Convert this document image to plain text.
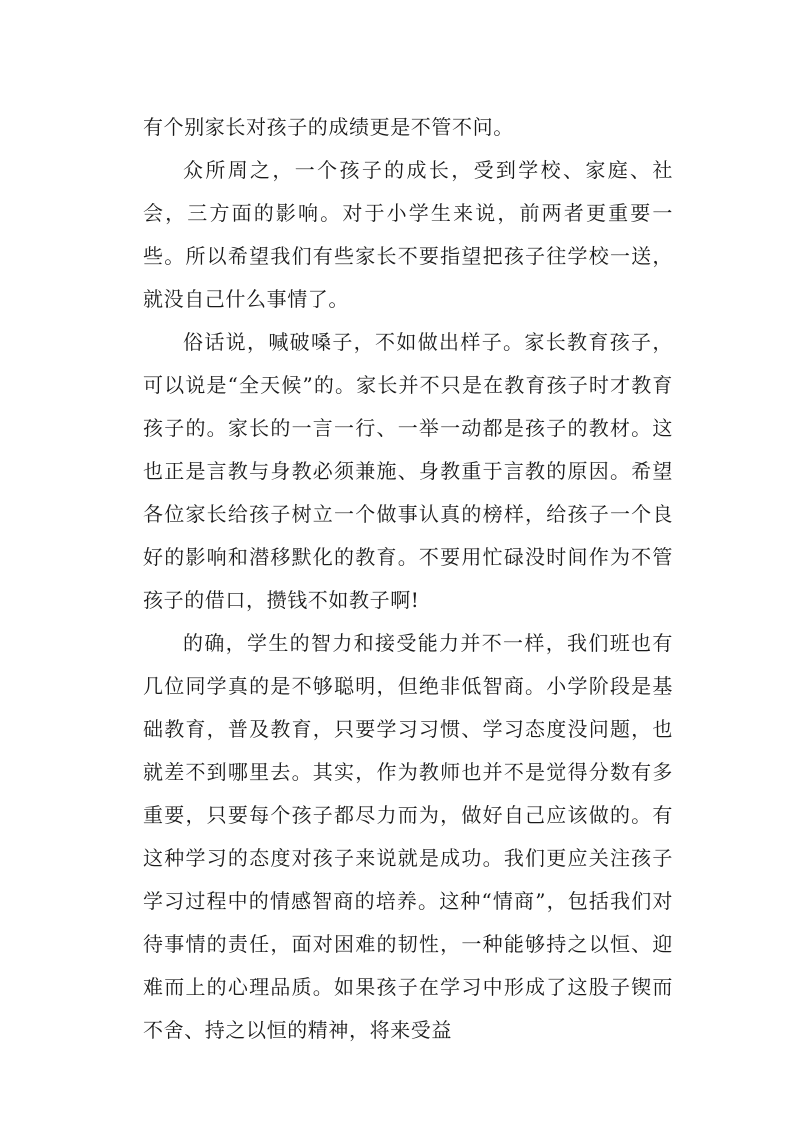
有个别家长对孩子的成绩更是不管不问。

众所周之，一个孩子的成长，受到学校、家庭、社会，三方面的影响。对于小学生来说，前两者更重要一些。所以希望我们有些家长不要指望把孩子往学校一送，就没自己什么事情了。

俗话说，喊破嗓子，不如做出样子。家长教育孩子，可以说是“全天候”的。家长并不只是在教育孩子时才教育孩子的。家长的一言一行、一举一动都是孩子的教材。这也正是言教与身教必须兼施、身教重于言教的原因。希望各位家长给孩子树立一个做事认真的榜样，给孩子一个良好的影响和潜移默化的教育。不要用忙碌没时间作为不管孩子的借口，攒钱不如教子啊!

的确，学生的智力和接受能力并不一样，我们班也有几位同学真的是不够聪明，但绝非低智商。小学阶段是基础教育，普及教育，只要学习习惯、学习态度没问题，也就差不到哪里去。其实，作为教师也并不是觉得分数有多重要，只要每个孩子都尽力而为，做好自己应该做的。有这种学习的态度对孩子来说就是成功。我们更应关注孩子学习过程中的情感智商的培养。这种“情商”，包括我们对待事情的责任，面对困难的韧性，一种能够持之以恒、迎难而上的心理品质。如果孩子在学习中形成了这股子锲而不舍、持之以恒的精神，将来受益
